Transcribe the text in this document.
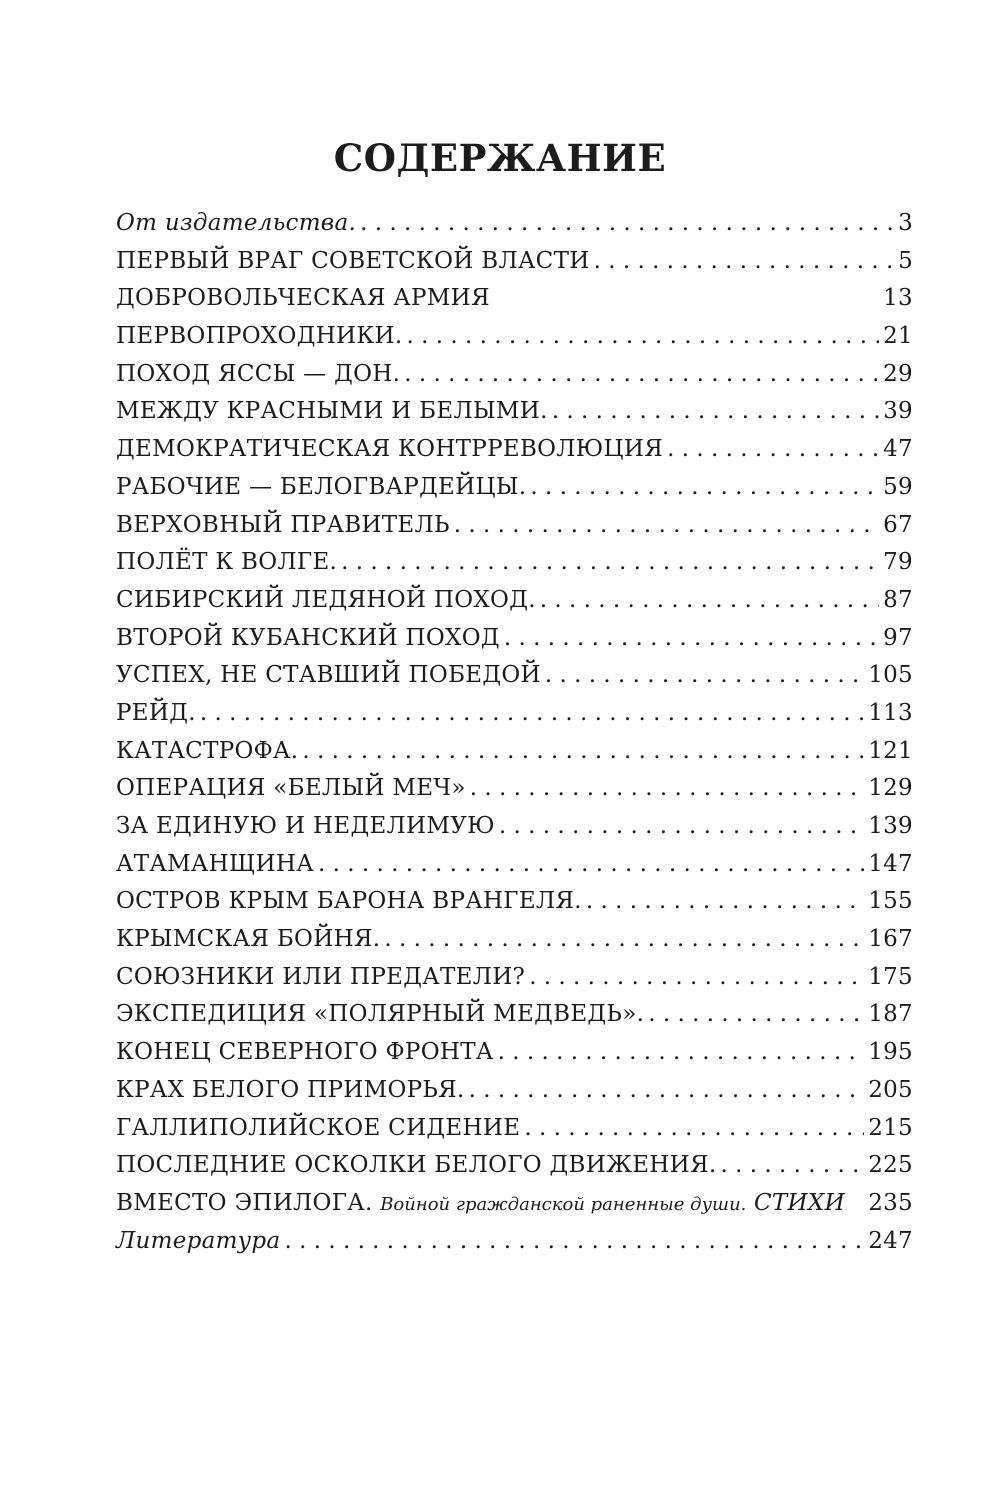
СОДЕРЖАНИЕ
От издательства. . . .	3
ПЕРВЫЙ ВРАГ СОВЕТСКОЙ ВЛАСТИ . . .	5
ДОБРОВОЛЬЧЕСКАЯ АРМИЯ	13
ПЕРВОПРОХОДНИКИ. . . .	21
ПОХОД ЯССЫ — ДОН. . . .	29
МЕЖДУ КРАСНЫМИ И БЕЛЫМИ. . . .	39
ДЕМОКРАТИЧЕСКАЯ КОНТРРЕВОЛЮЦИЯ . . .	47
РАБОЧИЕ — БЕЛОГВАРДЕЙЦЫ. . . .	59
ВЕРХОВНЫЙ ПРАВИТЕЛЬ . . .	67
ПОЛЁТ К ВОЛГЕ. . . .	79
СИБИРСКИЙ ЛЕДЯНОЙ ПОХОД. . . .	87
ВТОРОЙ КУБАНСКИЙ ПОХОД . . .	97
УСПЕХ, НЕ СТАВШИЙ ПОБЕДОЙ . . .	105
РЕЙД. . . .	113
КАТАСТРОФА. . . .	121
ОПЕРАЦИЯ «БЕЛЫЙ МЕЧ» . . .	129
ЗА ЕДИНУЮ И НЕДЕЛИМУЮ . . .	139
АТАМАНЩИНА . . .	147
ОСТРОВ КРЫМ БАРОНА ВРАНГЕЛЯ. . . .	155
КРЫМСКАЯ БОЙНЯ. . . .	167
СОЮЗНИКИ ИЛИ ПРЕДАТЕЛИ? . . .	175
ЭКСПЕДИЦИЯ «ПОЛЯРНЫЙ МЕДВЕДЬ». . . .	187
КОНЕЦ СЕВЕРНОГО ФРОНТА . . .	195
КРАХ БЕЛОГО ПРИМОРЬЯ. . . .	205
ГАЛЛИПОЛИЙСКОЕ СИДЕНИЕ . . .	215
ПОСЛЕДНИЕ ОСКОЛКИ БЕЛОГО ДВИЖЕНИЯ. . . .	225
ВМЕСТО ЭПИЛОГА. Войной гражданской раненные души. СТИХИ 235
Литература . . .	247
